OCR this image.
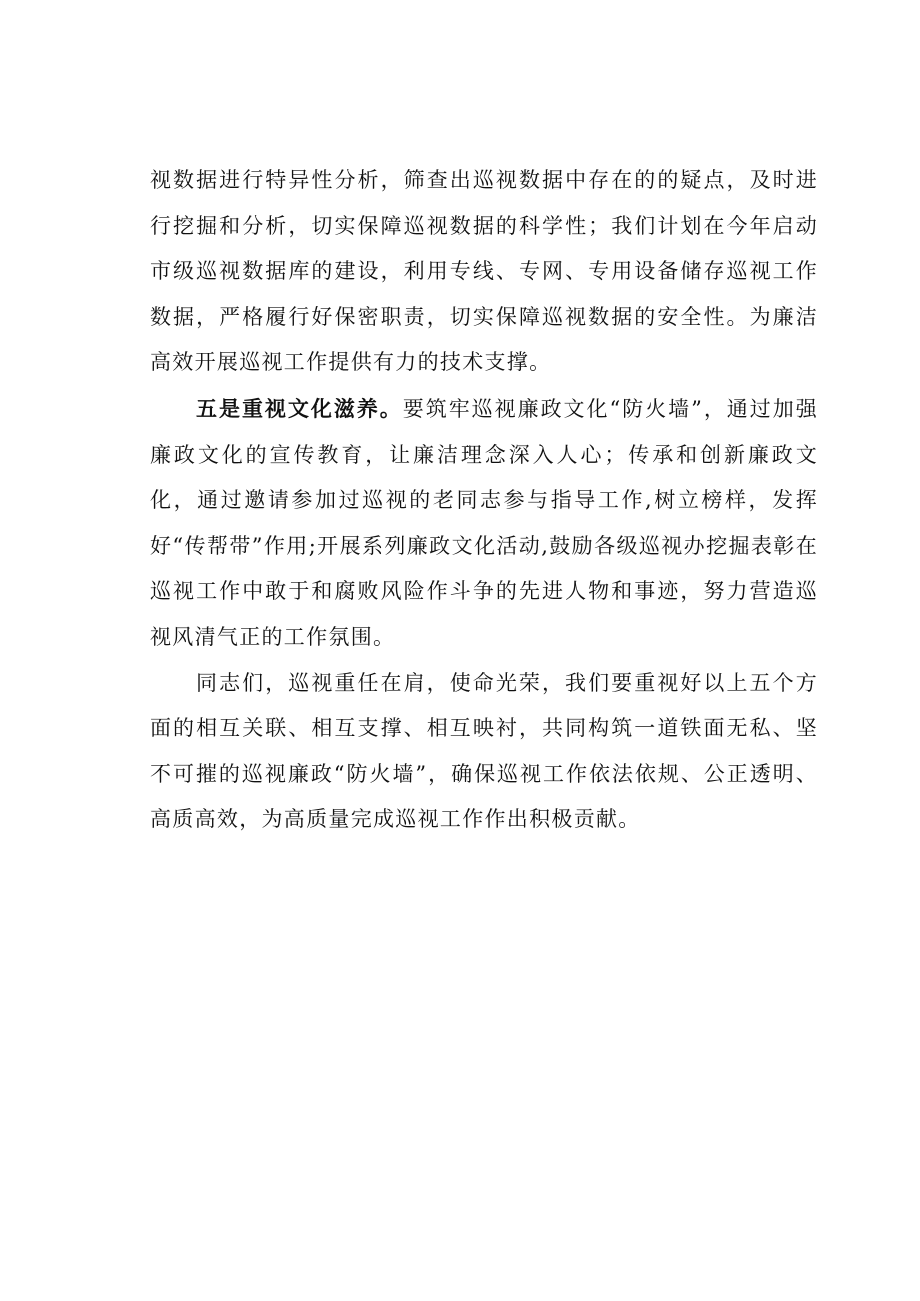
视数据进行特异性分析，筛查出巡视数据中存在的的疑点，及时进行挖掘和分析，切实保障巡视数据的科学性；我们计划在今年启动市级巡视数据库的建设，利用专线、专网、专用设备储存巡视工作数据，严格履行好保密职责，切实保障巡视数据的安全性。为廉洁高效开展巡视工作提供有力的技术支撑。

五是重视文化滋养。要筑牢巡视廉政文化“防火墙”，通过加强廉政文化的宣传教育，让廉洁理念深入人心；传承和创新廉政文化，通过邀请参加过巡视的老同志参与指导工作,树立榜样，发挥好“传帮带”作用;开展系列廉政文化活动,鼓励各级巡视办挖掘表彰在巡视工作中敢于和腐败风险作斗争的先进人物和事迹，努力营造巡视风清气正的工作氛围。

同志们，巡视重任在肩，使命光荣，我们要重视好以上五个方面的相互关联、相互支撑、相互映衬，共同构筑一道铁面无私、坚不可摧的巡视廉政“防火墙”，确保巡视工作依法依规、公正透明、高质高效，为高质量完成巡视工作作出积极贡献。
